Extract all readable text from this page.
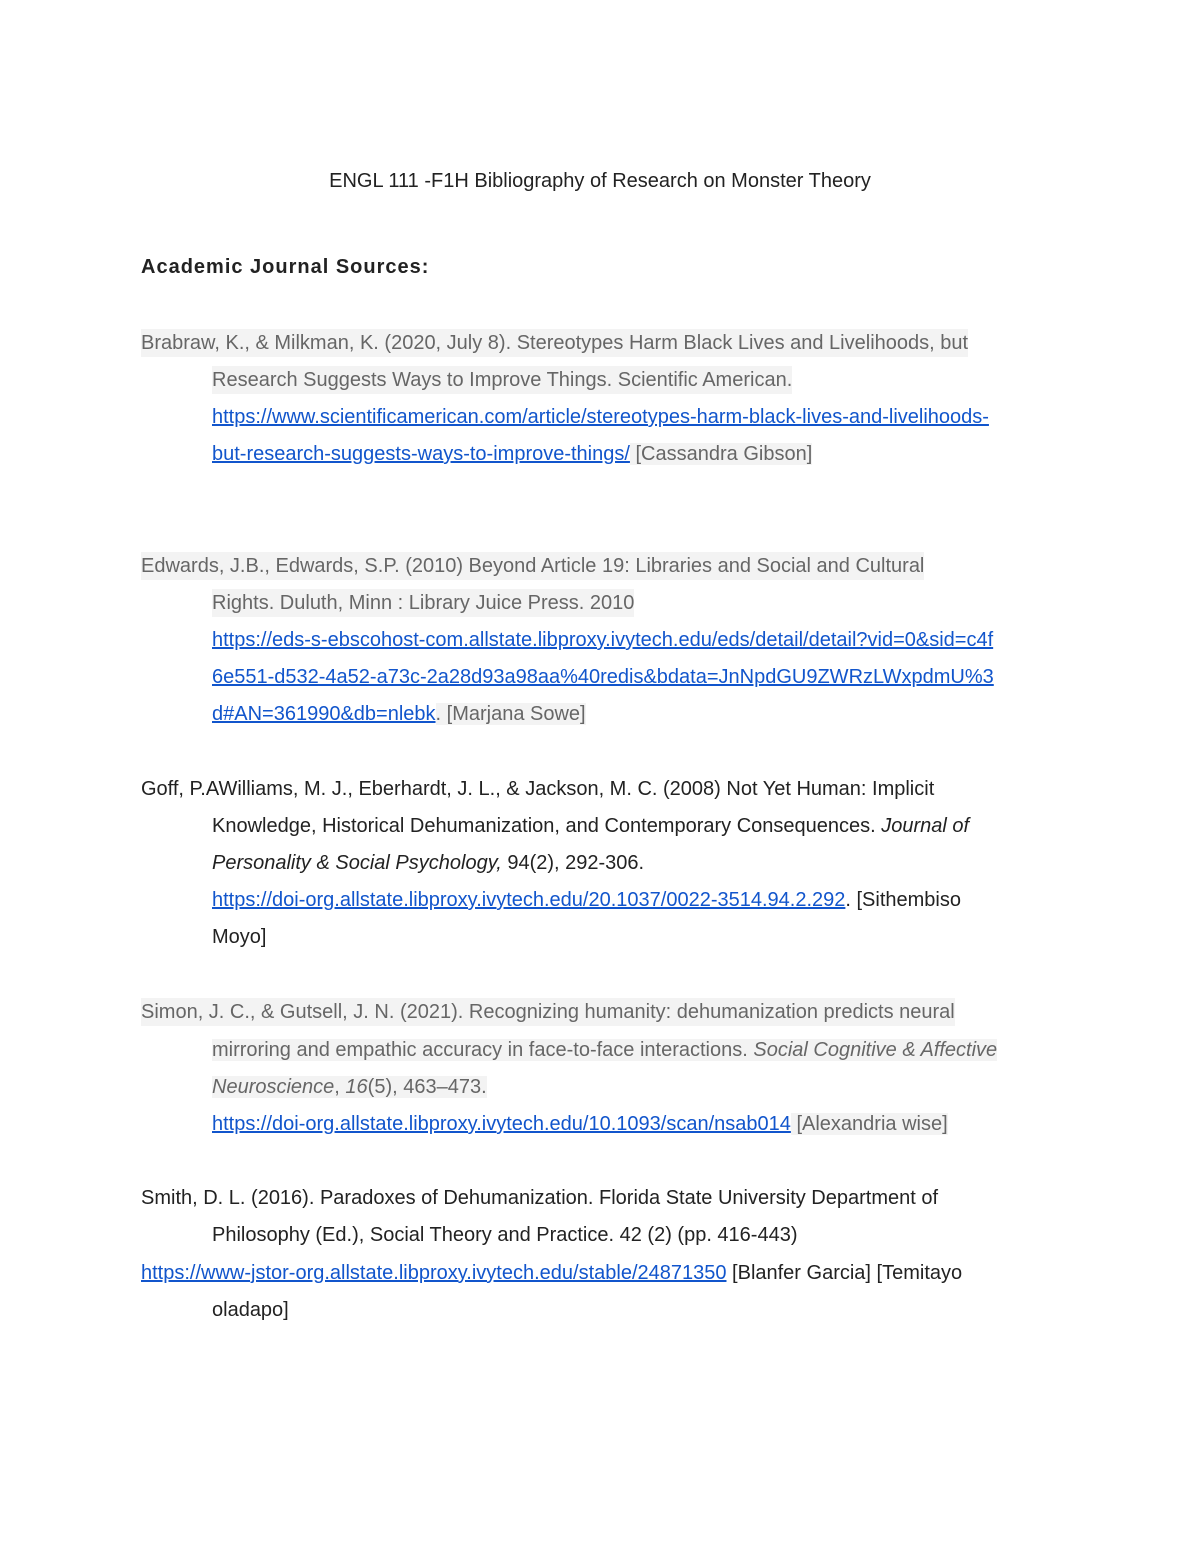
ENGL 111 -F1H Bibliography of Research on Monster Theory
Academic Journal Sources:
Brabraw, K., & Milkman, K. (2020, July 8). Stereotypes Harm Black Lives and Livelihoods, but
Research Suggests Ways to Improve Things. Scientific American.
https://www.scientificamerican.com/article/stereotypes-harm-black-lives-and-livelihoods-
but-research-suggests-ways-to-improve-things/ [Cassandra Gibson]
Edwards, J.B., Edwards, S.P. (2010) Beyond Article 19: Libraries and Social and Cultural
Rights. Duluth, Minn : Library Juice Press. 2010
https://eds-s-ebscohost-com.allstate.libproxy.ivytech.edu/eds/detail/detail?vid=0&sid=c4f
6e551-d532-4a52-a73c-2a28d93a98aa%40redis&bdata=JnNpdGU9ZWRzLWxpdmU%3
d#AN=361990&db=nlebk. [Marjana Sowe]
Goff, P.AWilliams, M. J., Eberhardt, J. L., & Jackson, M. C. (2008) Not Yet Human: Implicit
Knowledge, Historical Dehumanization, and Contemporary Consequences. Journal of
Personality & Social Psychology, 94(2), 292-306.
https://doi-org.allstate.libproxy.ivytech.edu/20.1037/0022-3514.94.2.292. [Sithembiso
Moyo]
Simon, J. C., & Gutsell, J. N. (2021). Recognizing humanity: dehumanization predicts neural
mirroring and empathic accuracy in face-to-face interactions. Social Cognitive & Affective
Neuroscience, 16(5), 463–473.
https://doi-org.allstate.libproxy.ivytech.edu/10.1093/scan/nsab014 [Alexandria wise]
Smith, D. L. (2016). Paradoxes of Dehumanization. Florida State University Department of
Philosophy (Ed.), Social Theory and Practice. 42 (2) (pp. 416-443)
https://www-jstor-org.allstate.libproxy.ivytech.edu/stable/24871350 [Blanfer Garcia] [Temitayo
oladapo]
